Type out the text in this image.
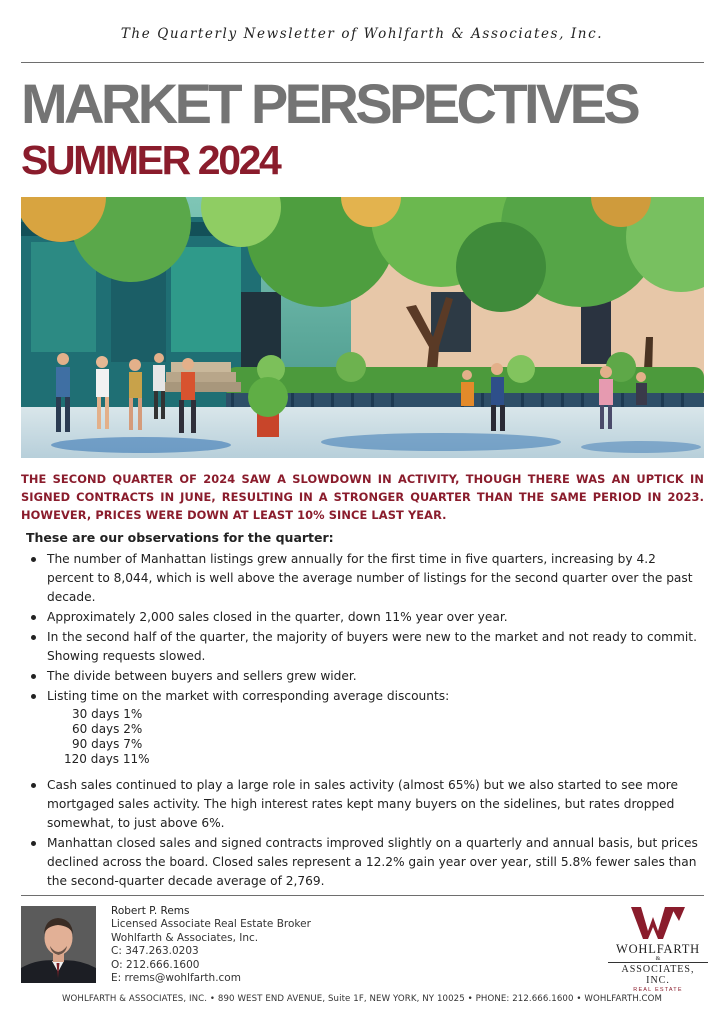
The Quarterly Newsletter of Wohlfarth & Associates, Inc.
MARKET PERSPECTIVES
SUMMER 2024

THE SECOND QUARTER OF 2024 SAW A SLOWDOWN IN ACTIVITY, THOUGH THERE WAS AN UPTICK IN SIGNED CONTRACTS IN JUNE, RESULTING IN A STRONGER QUARTER THAN THE SAME PERIOD IN 2023. HOWEVER, PRICES WERE DOWN AT LEAST 10% SINCE LAST YEAR.

These are our observations for the quarter:
The number of Manhattan listings grew annually for the first time in five quarters, increasing by 4.2 percent to 8,044, which is well above the average number of listings for the second quarter over the past decade.
Approximately 2,000 sales closed in the quarter, down 11% year over year.
In the second half of the quarter, the majority of buyers were new to the market and not ready to commit. Showing requests slowed.
The divide between buyers and sellers grew wider.
Listing time on the market with corresponding average discounts:
30 days 1%
60 days 2%
90 days 7%
120 days 11%
Cash sales continued to play a large role in sales activity (almost 65%) but we also started to see more mortgaged sales activity. The high interest rates kept many buyers on the sidelines, but rates dropped somewhat, to just above 6%.
Manhattan closed sales and signed contracts improved slightly on a quarterly and annual basis, but prices declined across the board. Closed sales represent a 12.2% gain year over year, still 5.8% fewer sales than the second-quarter decade average of 2,769.
Robert P. Rems
Licensed Associate Real Estate Broker
Wohlfarth & Associates, Inc.
C: 347.263.0203
O: 212.666.1600
E: rrems@wohlfarth.com
WOHLFARTH
&
ASSOCIATES, INC.
REAL ESTATE
WOHLFARTH & ASSOCIATES, INC. • 890 WEST END AVENUE, Suite 1F, NEW YORK, NY 10025 • PHONE: 212.666.1600 • WOHLFARTH.COM
